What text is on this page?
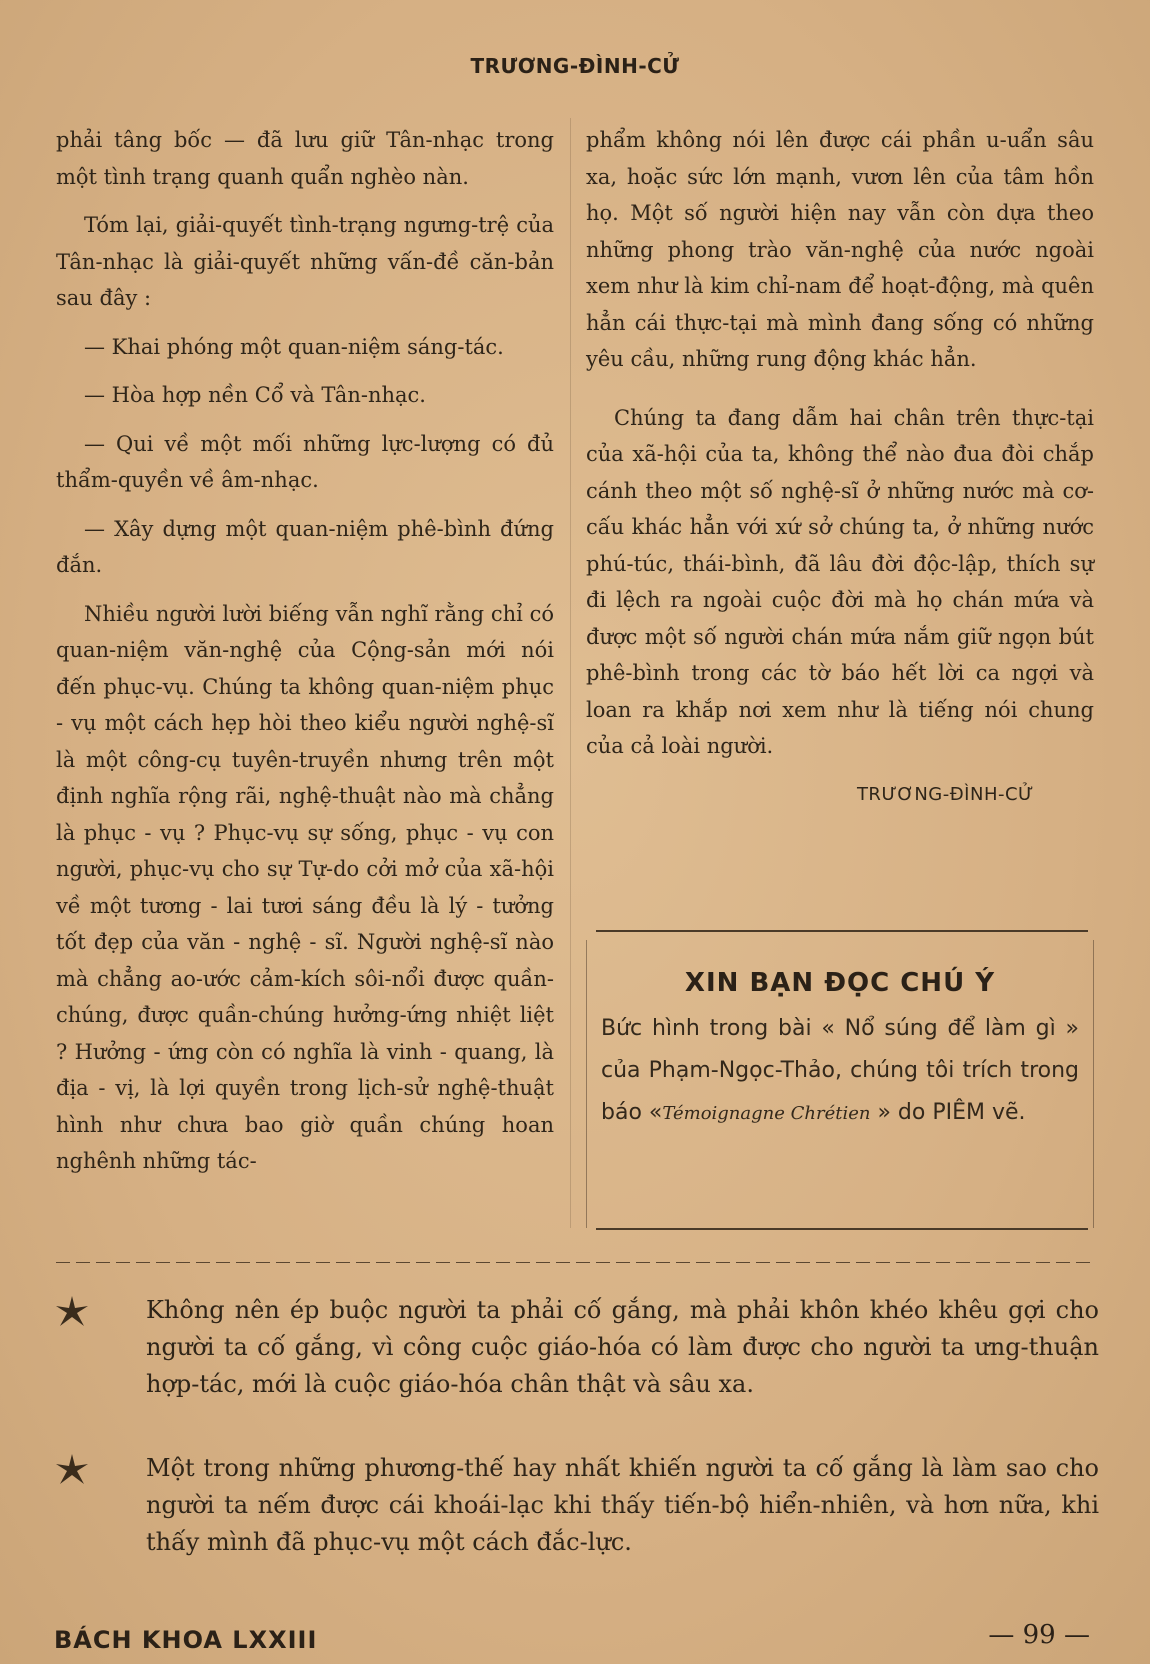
TRƯƠNG-ĐÌNH-CỬ

phải tâng bốc — đã lưu giữ Tân-nhạc trong một tình trạng quanh quẩn nghèo nàn.

Tóm lại, giải-quyết tình-trạng ngưng-trệ của Tân-nhạc là giải-quyết những vấn-đề căn-bản sau đây :

— Khai phóng một quan-niệm sáng-tác.

— Hòa hợp nền Cổ và Tân-nhạc.

— Qui về một mối những lực-lượng có đủ thẩm-quyền về âm-nhạc.

— Xây dựng một quan-niệm phê-bình đứng đắn.

Nhiều người lười biếng vẫn nghĩ rằng chỉ có quan-niệm văn-nghệ của Cộng-sản mới nói đến phục-vụ. Chúng ta không quan-niệm phục - vụ một cách hẹp hòi theo kiểu người nghệ-sĩ là một công-cụ tuyên-truyền nhưng trên một định nghĩa rộng rãi, nghệ-thuật nào mà chẳng là phục - vụ ? Phục-vụ sự sống, phục - vụ con người, phục-vụ cho sự Tự-do cởi mở của xã-hội về một tương - lai tươi sáng đều là lý - tưởng tốt đẹp của văn - nghệ - sĩ. Người nghệ-sĩ nào mà chẳng ao-ước cảm-kích sôi-nổi được quần-chúng, được quần-chúng hưởng-ứng nhiệt liệt ? Hưởng - ứng còn có nghĩa là vinh - quang, là địa - vị, là lợi quyền trong lịch-sử nghệ-thuật hình như chưa bao giờ quần chúng hoan nghênh những tác-

phẩm không nói lên được cái phần u-uẩn sâu xa, hoặc sức lớn mạnh, vươn lên của tâm hồn họ. Một số người hiện nay vẫn còn dựa theo những phong trào văn-nghệ của nước ngoài xem như là kim chỉ-nam để hoạt-động, mà quên hẳn cái thực-tại mà mình đang sống có những yêu cầu, những rung động khác hẳn.

Chúng ta đang dẫm hai chân trên thực-tại của xã-hội của ta, không thể nào đua đòi chắp cánh theo một số nghệ-sĩ ở những nước mà cơ-cấu khác hẳn với xứ sở chúng ta, ở những nước phú-túc, thái-bình, đã lâu đời độc-lập, thích sự đi lệch ra ngoài cuộc đời mà họ chán mứa và được một số người chán mứa nắm giữ ngọn bút phê-bình trong các tờ báo hết lời ca ngợi và loan ra khắp nơi xem như là tiếng nói chung của cả loài người.

TRƯƠNG-ĐÌNH-CỬ
XIN BẠN ĐỌC CHÚ Ý
Bức hình trong bài « Nổ súng để làm gì » của Phạm-Ngọc-Thảo, chúng tôi trích trong báo «Témoignagne Chrétien » do PIÊM vẽ.
Không nên ép buộc người ta phải cố gắng, mà phải khôn khéo khêu gợi cho người ta cố gắng, vì công cuộc giáo-hóa có làm được cho người ta ưng-thuận hợp-tác, mới là cuộc giáo-hóa chân thật và sâu xa.
Một trong những phương-thế hay nhất khiến người ta cố gắng là làm sao cho người ta nếm được cái khoái-lạc khi thấy tiến-bộ hiển-nhiên, và hơn nữa, khi thấy mình đã phục-vụ một cách đắc-lực.
BÁCH KHOA LXXIII	— 99 —
